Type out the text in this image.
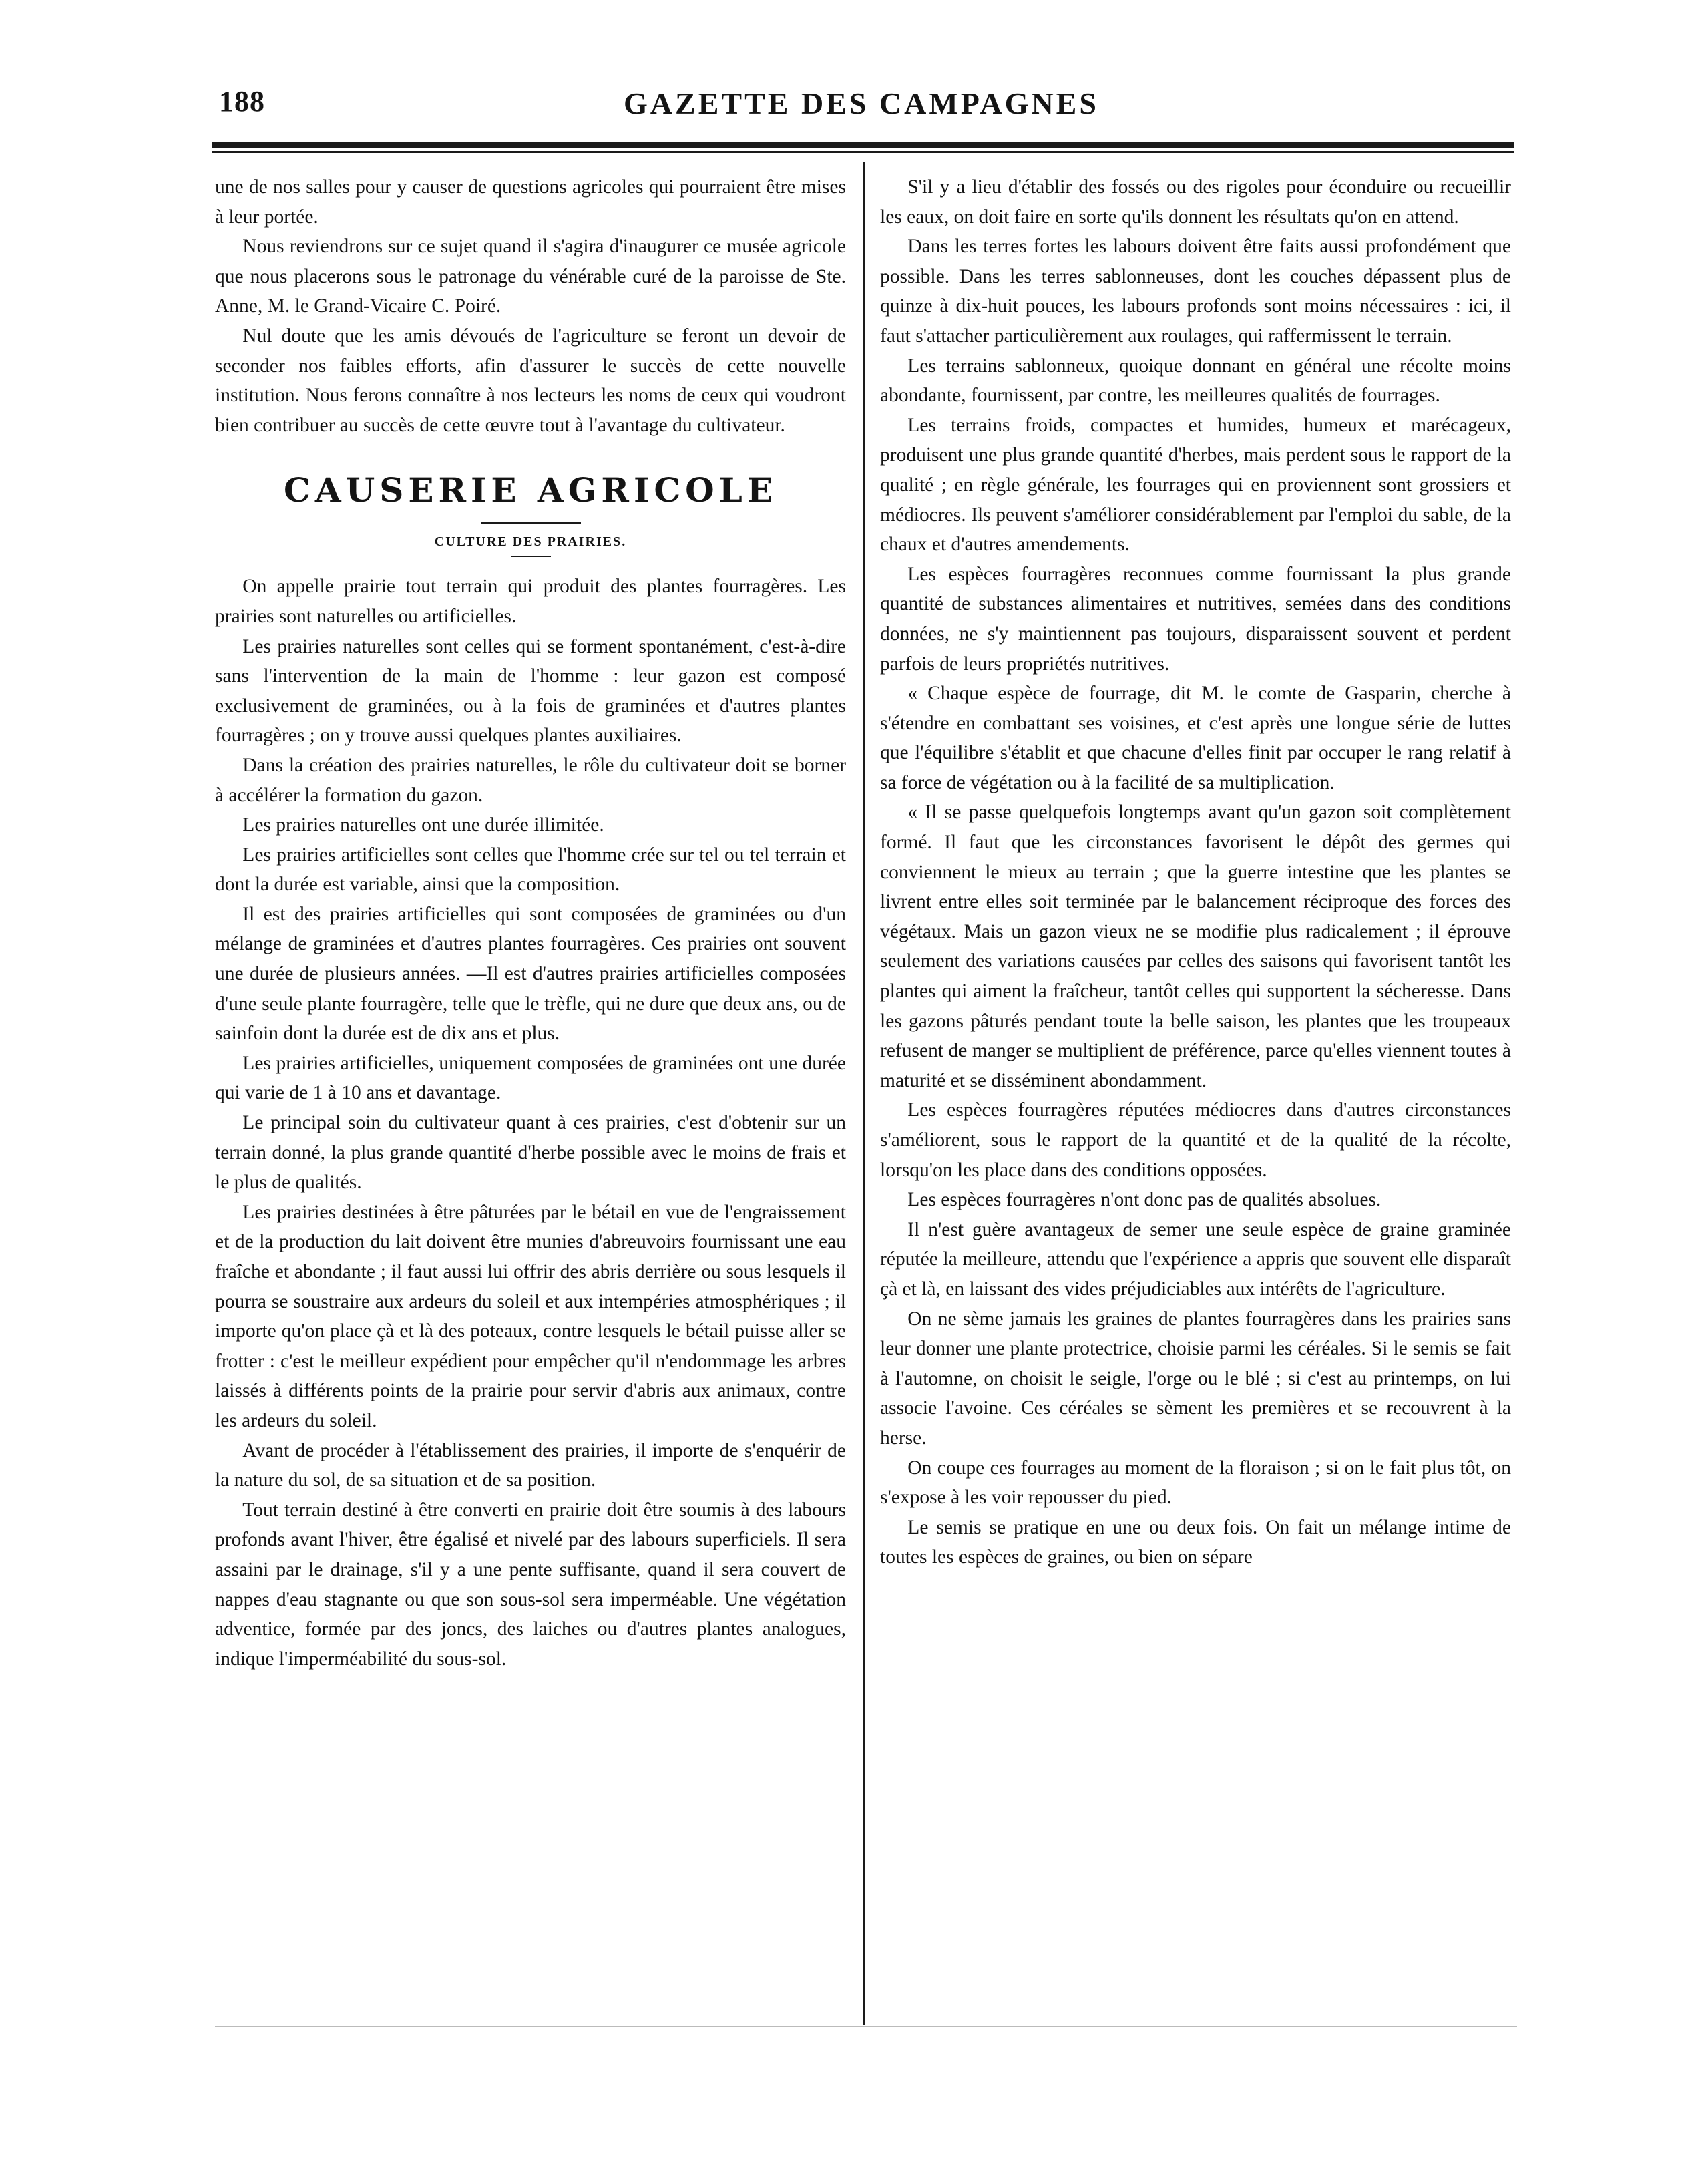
188	GAZETTE DES CAMPAGNES

une de nos salles pour y causer de questions agricoles qui pourraient être mises à leur portée.

Nous reviendrons sur ce sujet quand il s'agira d'inaugurer ce musée agricole que nous placerons sous le patronage du vénérable curé de la paroisse de Ste. Anne, M. le Grand-Vicaire C. Poiré.

Nul doute que les amis dévoués de l'agriculture se feront un devoir de seconder nos faibles efforts, afin d'assurer le succès de cette nouvelle institution. Nous ferons connaître à nos lecteurs les noms de ceux qui voudront bien contribuer au succès de cette œuvre tout à l'avantage du cultivateur.

CAUSERIE AGRICOLE
CULTURE DES PRAIRIES.

On appelle prairie tout terrain qui produit des plantes fourragères. Les prairies sont naturelles ou artificielles.

Les prairies naturelles sont celles qui se forment spontanément, c'est-à-dire sans l'intervention de la main de l'homme : leur gazon est composé exclusivement de graminées, ou à la fois de graminées et d'autres plantes fourragères ; on y trouve aussi quelques plantes auxiliaires.

Dans la création des prairies naturelles, le rôle du cultivateur doit se borner à accélérer la formation du gazon.

Les prairies naturelles ont une durée illimitée.

Les prairies artificielles sont celles que l'homme crée sur tel ou tel terrain et dont la durée est variable, ainsi que la composition.

Il est des prairies artificielles qui sont composées de graminées ou d'un mélange de graminées et d'autres plantes fourragères. Ces prairies ont souvent une durée de plusieurs années. —Il est d'autres prairies artificielles composées d'une seule plante fourragère, telle que le trèfle, qui ne dure que deux ans, ou de sainfoin dont la durée est de dix ans et plus.

Les prairies artificielles, uniquement composées de graminées ont une durée qui varie de 1 à 10 ans et davantage.

Le principal soin du cultivateur quant à ces prairies, c'est d'obtenir sur un terrain donné, la plus grande quantité d'herbe possible avec le moins de frais et le plus de qualités.

Les prairies destinées à être pâturées par le bétail en vue de l'engraissement et de la production du lait doivent être munies d'abreuvoirs fournissant une eau fraîche et abondante ; il faut aussi lui offrir des abris derrière ou sous lesquels il pourra se soustraire aux ardeurs du soleil et aux intempéries atmosphériques ; il importe qu'on place çà et là des poteaux, contre lesquels le bétail puisse aller se frotter : c'est le meilleur expédient pour empêcher qu'il n'endommage les arbres laissés à différents points de la prairie pour servir d'abris aux animaux, contre les ardeurs du soleil.

Avant de procéder à l'établissement des prairies, il importe de s'enquérir de la nature du sol, de sa situation et de sa position.

Tout terrain destiné à être converti en prairie doit être soumis à des labours profonds avant l'hiver, être égalisé et nivelé par des labours superficiels. Il sera assaini par le drainage, s'il y a une pente suffisante, quand il sera couvert de nappes d'eau stagnante ou que son sous-sol sera imperméable. Une végétation adventice, formée par des joncs, des laiches ou d'autres plantes analogues, indique l'imperméabilité du sous-sol.

S'il y a lieu d'établir des fossés ou des rigoles pour éconduire ou recueillir les eaux, on doit faire en sorte qu'ils donnent les résultats qu'on en attend.

Dans les terres fortes les labours doivent être faits aussi profondément que possible. Dans les terres sablonneuses, dont les couches dépassent plus de quinze à dix-huit pouces, les labours profonds sont moins nécessaires : ici, il faut s'attacher particulièrement aux roulages, qui raffermissent le terrain.

Les terrains sablonneux, quoique donnant en général une récolte moins abondante, fournissent, par contre, les meilleures qualités de fourrages.

Les terrains froids, compactes et humides, humeux et marécageux, produisent une plus grande quantité d'herbes, mais perdent sous le rapport de la qualité ; en règle générale, les fourrages qui en proviennent sont grossiers et médiocres. Ils peuvent s'améliorer considérablement par l'emploi du sable, de la chaux et d'autres amendements.

Les espèces fourragères reconnues comme fournissant la plus grande quantité de substances alimentaires et nutritives, semées dans des conditions données, ne s'y maintiennent pas toujours, disparaissent souvent et perdent parfois de leurs propriétés nutritives.

« Chaque espèce de fourrage, dit M. le comte de Gasparin, cherche à s'étendre en combattant ses voisines, et c'est après une longue série de luttes que l'équilibre s'établit et que chacune d'elles finit par occuper le rang relatif à sa force de végétation ou à la facilité de sa multiplication.

« Il se passe quelquefois longtemps avant qu'un gazon soit complètement formé. Il faut que les circonstances favorisent le dépôt des germes qui conviennent le mieux au terrain ; que la guerre intestine que les plantes se livrent entre elles soit terminée par le balancement réciproque des forces des végétaux. Mais un gazon vieux ne se modifie plus radicalement ; il éprouve seulement des variations causées par celles des saisons qui favorisent tantôt les plantes qui aiment la fraîcheur, tantôt celles qui supportent la sécheresse. Dans les gazons pâturés pendant toute la belle saison, les plantes que les troupeaux refusent de manger se multiplient de préférence, parce qu'elles viennent toutes à maturité et se disséminent abondamment.

Les espèces fourragères réputées médiocres dans d'autres circonstances s'améliorent, sous le rapport de la quantité et de la qualité de la récolte, lorsqu'on les place dans des conditions opposées.

Les espèces fourragères n'ont donc pas de qualités absolues.

Il n'est guère avantageux de semer une seule espèce de graine graminée réputée la meilleure, attendu que l'expérience a appris que souvent elle disparaît çà et là, en laissant des vides préjudiciables aux intérêts de l'agriculture.

On ne sème jamais les graines de plantes fourragères dans les prairies sans leur donner une plante protectrice, choisie parmi les céréales. Si le semis se fait à l'automne, on choisit le seigle, l'orge ou le blé ; si c'est au printemps, on lui associe l'avoine. Ces céréales se sèment les premières et se recouvrent à la herse.

On coupe ces fourrages au moment de la floraison ; si on le fait plus tôt, on s'expose à les voir repousser du pied.

Le semis se pratique en une ou deux fois. On fait un mélange intime de toutes les espèces de graines, ou bien on sépare
